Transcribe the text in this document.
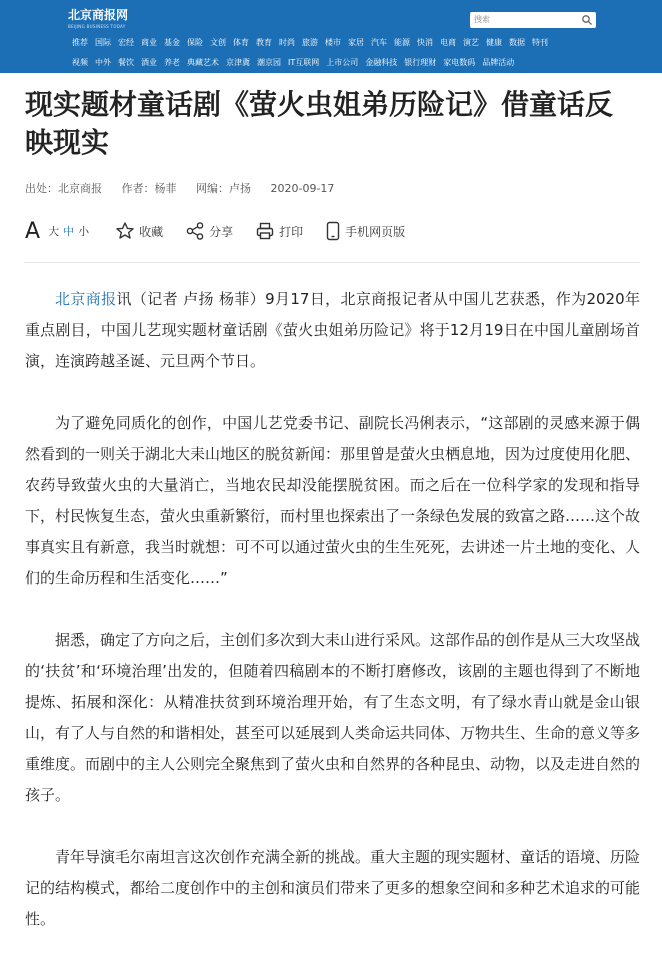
北京商报网
BEIJING BUSINESS TODAY
搜索
推荐 国际 宏经 商业 基金 保险 文创 体育 教育 时尚 旅游 楼市 家居 汽车 能源 快消 电商 演艺 健康 数据 特刊
视频 中外 餐饮 酒业 养老 典藏艺术 京津冀 潮京园 IT互联网 上市公司 金融科技 银行理财 家电数码 品牌活动
现实题材童话剧《萤火虫姐弟历险记》借童话反映现实
出处：北京商报 作者：杨菲 网编：卢扬 2020-09-17
A 大 中 小	收藏	分享	打印	手机网页版

北京商报讯（记者 卢扬 杨菲）9月17日，北京商报记者从中国儿艺获悉，作为2020年重点剧目，中国儿艺现实题材童话剧《萤火虫姐弟历险记》将于12月19日在中国儿童剧场首演，连演跨越圣诞、元旦两个节日。

为了避免同质化的创作，中国儿艺党委书记、副院长冯俐表示，“这部剧的灵感来源于偶然看到的一则关于湖北大耒山地区的脱贫新闻：那里曾是萤火虫栖息地，因为过度使用化肥、农药导致萤火虫的大量消亡，当地农民却没能摆脱贫困。而之后在一位科学家的发现和指导下，村民恢复生态，萤火虫重新繁衍，而村里也探索出了一条绿色发展的致富之路……这个故事真实且有新意，我当时就想：可不可以通过萤火虫的生生死死，去讲述一片土地的变化、人们的生命历程和生活变化……”

据悉，确定了方向之后，主创们多次到大耒山进行采风。这部作品的创作是从三大攻坚战的‘扶贫’和‘环境治理’出发的，但随着四稿剧本的不断打磨修改，该剧的主题也得到了不断地提炼、拓展和深化：从精准扶贫到环境治理开始，有了生态文明，有了绿水青山就是金山银山，有了人与自然的和谐相处，甚至可以延展到人类命运共同体、万物共生、生命的意义等多重维度。而剧中的主人公则完全聚焦到了萤火虫和自然界的各种昆虫、动物，以及走进自然的孩子。

青年导演毛尔南坦言这次创作充满全新的挑战。重大主题的现实题材、童话的语境、历险记的结构模式，都给二度创作中的主创和演员们带来了更多的想象空间和多种艺术追求的可能性。
